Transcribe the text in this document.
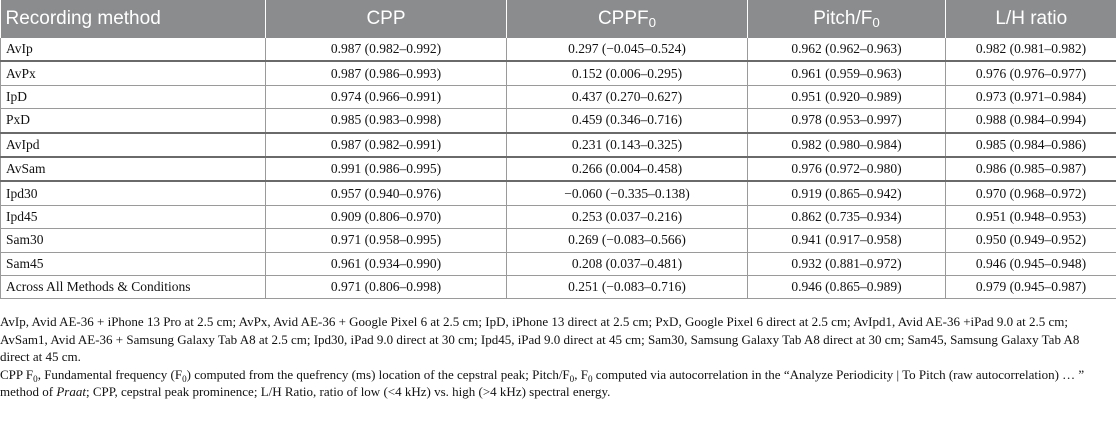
Recording method	CPP	$CPPF_0$	Pitch/$F_0$	L/H ratio
AvIp	0.987 (0.982–0.992)	0.297 (−0.045–0.524)	0.962 (0.962–0.963)	0.982 (0.981–0.982)
AvPx	0.987 (0.986–0.993)	0.152 (0.006–0.295)	0.961 (0.959–0.963)	0.976 (0.976–0.977)
IpD	0.974 (0.966–0.991)	0.437 (0.270–0.627)	0.951 (0.920–0.989)	0.973 (0.971–0.984)
PxD	0.985 (0.983–0.998)	0.459 (0.346–0.716)	0.978 (0.953–0.997)	0.988 (0.984–0.994)
AvIpd	0.987 (0.982–0.991)	0.231 (0.143–0.325)	0.982 (0.980–0.984)	0.985 (0.984–0.986)
AvSam	0.991 (0.986–0.995)	0.266 (0.004–0.458)	0.976 (0.972–0.980)	0.986 (0.985–0.987)
Ipd30	0.957 (0.940–0.976)	−0.060 (−0.335–0.138)	0.919 (0.865–0.942)	0.970 (0.968–0.972)
Ipd45	0.909 (0.806–0.970)	0.253 (0.037–0.216)	0.862 (0.735–0.934)	0.951 (0.948–0.953)
Sam30	0.971 (0.958–0.995)	0.269 (−0.083–0.566)	0.941 (0.917–0.958)	0.950 (0.949–0.952)
Sam45	0.961 (0.934–0.990)	0.208 (0.037–0.481)	0.932 (0.881–0.972)	0.946 (0.945–0.948)
Across All Methods & Conditions	0.971 (0.806–0.998)	0.251 (−0.083–0.716)	0.946 (0.865–0.989)	0.979 (0.945–0.987)

AvIp, Avid AE-36 + iPhone 13 Pro at 2.5 cm; AvPx, Avid AE-36 + Google Pixel 6 at 2.5 cm; IpD, iPhone 13 direct at 2.5 cm; PxD, Google Pixel 6 direct at 2.5 cm; AvIpd1, Avid AE-36 +iPad 9.0 at 2.5 cm; AvSam1, Avid AE-36 + Samsung Galaxy Tab A8 at 2.5 cm; Ipd30, iPad 9.0 direct at 30 cm; Ipd45, iPad 9.0 direct at 45 cm; Sam30, Samsung Galaxy Tab A8 direct at 30 cm; Sam45, Samsung Galaxy Tab A8 direct at 45 cm.

CPP $F_0$, Fundamental frequency $(F_0)$ computed from the quefrency (ms) location of the cepstral peak; Pitch/$F_0$, $F_0$ computed via autocorrelation in the “Analyze Periodicity | To Pitch (raw autocorrelation) … ” method of Praat; CPP, cepstral peak prominence; L/H Ratio, ratio of low (<4 kHz) vs. high (>4 kHz) spectral energy.
